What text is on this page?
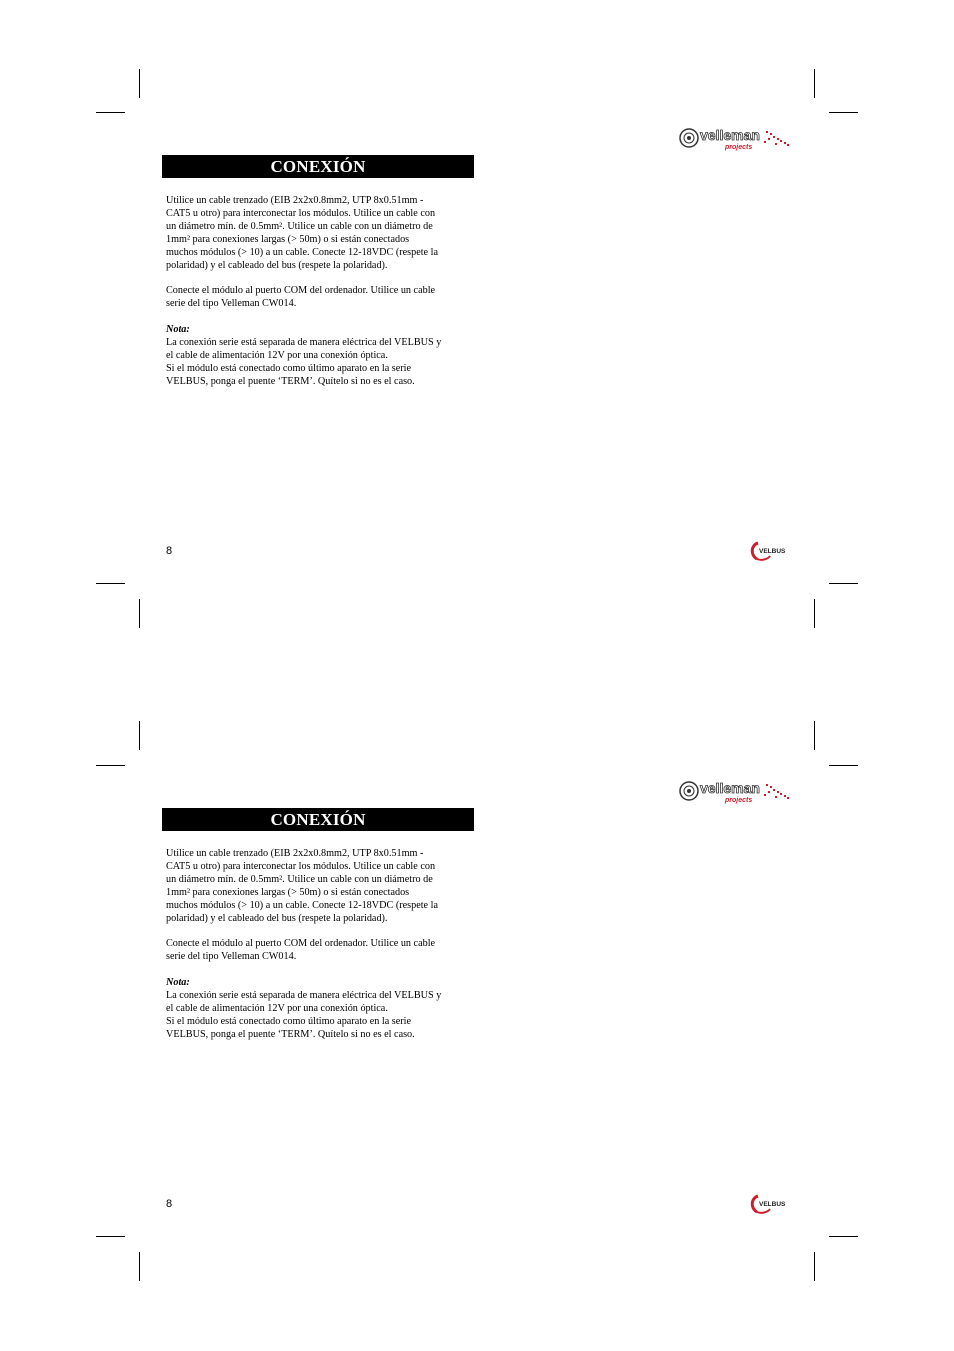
velleman
projects
CONEXIÓN

Utilice un cable trenzado (EIB 2x2x0.8mm2, UTP 8x0.51mm -
CAT5 u otro) para interconectar los módulos. Utilice un cable con
un diámetro mín. de 0.5mm². Utilice un cable con un diámetro de
1mm² para conexiones largas (> 50m) o si están conectados
muchos módulos (> 10) a un cable. Conecte 12-18VDC (respete la
polaridad) y el cableado del bus (respete la polaridad).

Conecte el módulo al puerto COM del ordenador. Utilice un cable
serie del tipo Velleman CW014.

Nota:
La conexión serie está separada de manera eléctrica del VELBUS y
el cable de alimentación 12V por una conexión óptica.
Si el módulo está conectado como último aparato en la serie
VELBUS, ponga el puente ‘TERM’. Quítelo si no es el caso.
8	VELBUS
velleman
projects
CONEXIÓN

Utilice un cable trenzado (EIB 2x2x0.8mm2, UTP 8x0.51mm -
CAT5 u otro) para interconectar los módulos. Utilice un cable con
un diámetro mín. de 0.5mm². Utilice un cable con un diámetro de
1mm² para conexiones largas (> 50m) o si están conectados
muchos módulos (> 10) a un cable. Conecte 12-18VDC (respete la
polaridad) y el cableado del bus (respete la polaridad).

Conecte el módulo al puerto COM del ordenador. Utilice un cable
serie del tipo Velleman CW014.

Nota:
La conexión serie está separada de manera eléctrica del VELBUS y
el cable de alimentación 12V por una conexión óptica.
Si el módulo está conectado como último aparato en la serie
VELBUS, ponga el puente ‘TERM’. Quítelo si no es el caso.
8	VELBUS
